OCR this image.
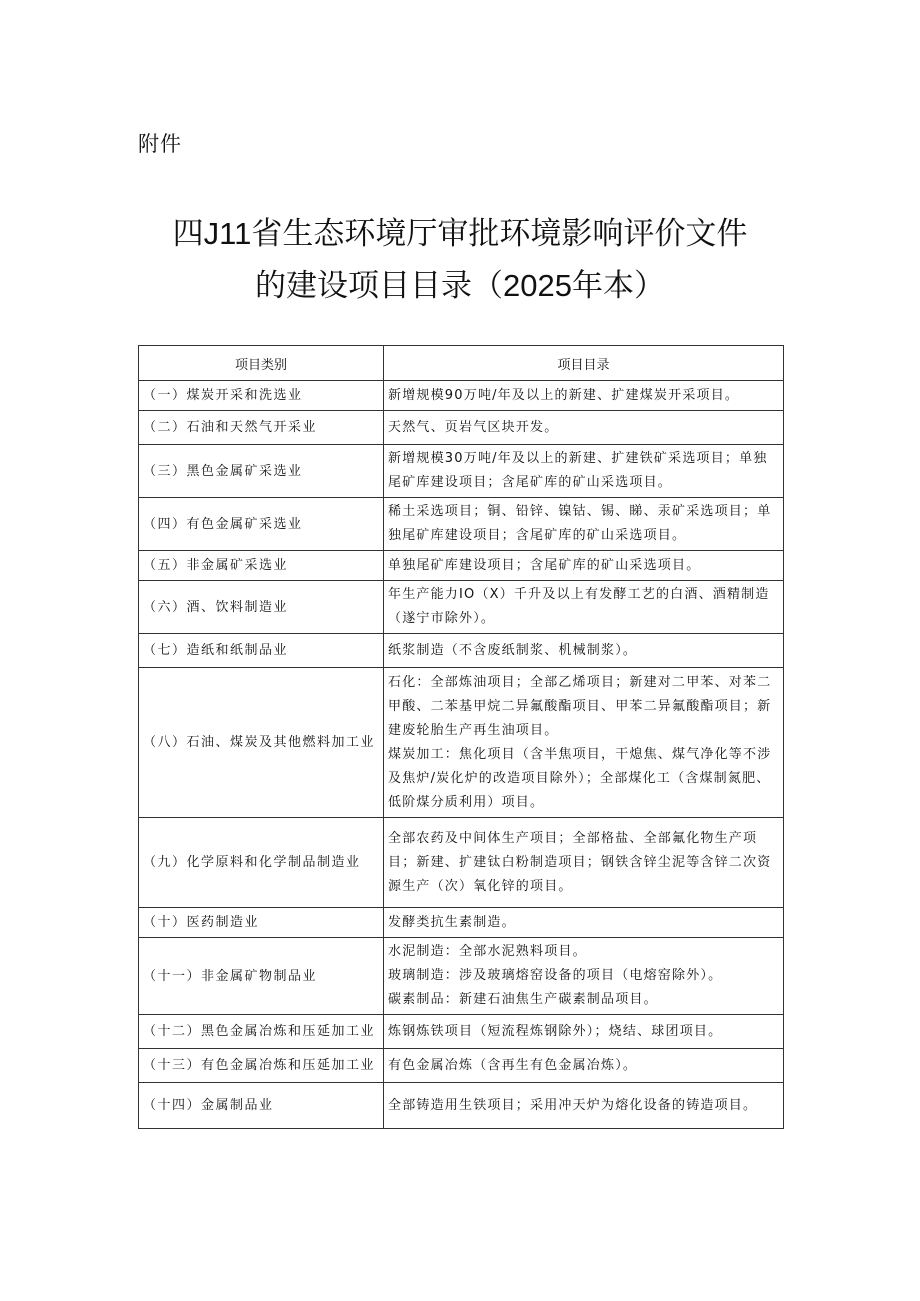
附件
四J11省生态环境厅审批环境影响评价文件
的建设项目目录（2025年本）
项目类别	项目目录
（一）煤炭开采和洗选业	新增规模90万吨/年及以上的新建、扩建煤炭开采项目。

（二）石油和天然气开采业	天然气、页岩气区块开发。

（三）黑色金属矿采选业	新增规模30万吨/年及以上的新建、扩建铁矿采选项目；单独尾矿库建设项目；含尾矿库的矿山采选项目。

（四）有色金属矿采选业	稀土采选项目；铜、铅锌、镍钴、锡、睇、汞矿采选项目；单独尾矿库建设项目；含尾矿库的矿山采选项目。

（五）非金属矿采选业	单独尾矿库建设项目；含尾矿库的矿山采选项目。

（六）酒、饮料制造业	年生产能力IO（X）千升及以上有发酵工艺的白酒、酒精制造（遂宁市除外）。

（七）造纸和纸制品业	纸浆制造（不含废纸制浆、机械制浆）。

（八）石油、煤炭及其他燃料加工业	石化：全部炼油项目；全部乙烯项目；新建对二甲苯、对苯二甲酸、二苯基甲烷二异氟酸酯项目、甲苯二异氟酸酯项目；新建废轮胎生产再生油项目。
煤炭加工：焦化项目（含半焦项目，干熄焦、煤气净化等不涉及焦炉/炭化炉的改造项目除外）；全部煤化工（含煤制氮肥、低阶煤分质利用）项目。

（九）化学原料和化学制品制造业	全部农药及中间体生产项目；全部格盐、全部氟化物生产项目；新建、扩建钛白粉制造项目；钢铁含锌尘泥等含锌二次资源生产（次）氧化锌的项目。

（十）医药制造业	发酵类抗生素制造。

（十一）非金属矿物制品业	水泥制造：全部水泥熟料项目。
玻璃制造：涉及玻璃熔窑设备的项目（电熔窑除外）。
碳素制品：新建石油焦生产碳素制品项目。

（十二）黑色金属冶炼和压延加工业	炼钢炼铁项目（短流程炼钢除外）；烧结、球团项目。

（十三）有色金属冶炼和压延加工业	有色金属冶炼（含再生有色金属冶炼）。

（十四）金属制品业	全部铸造用生铁项目；采用冲天炉为熔化设备的铸造项目。
